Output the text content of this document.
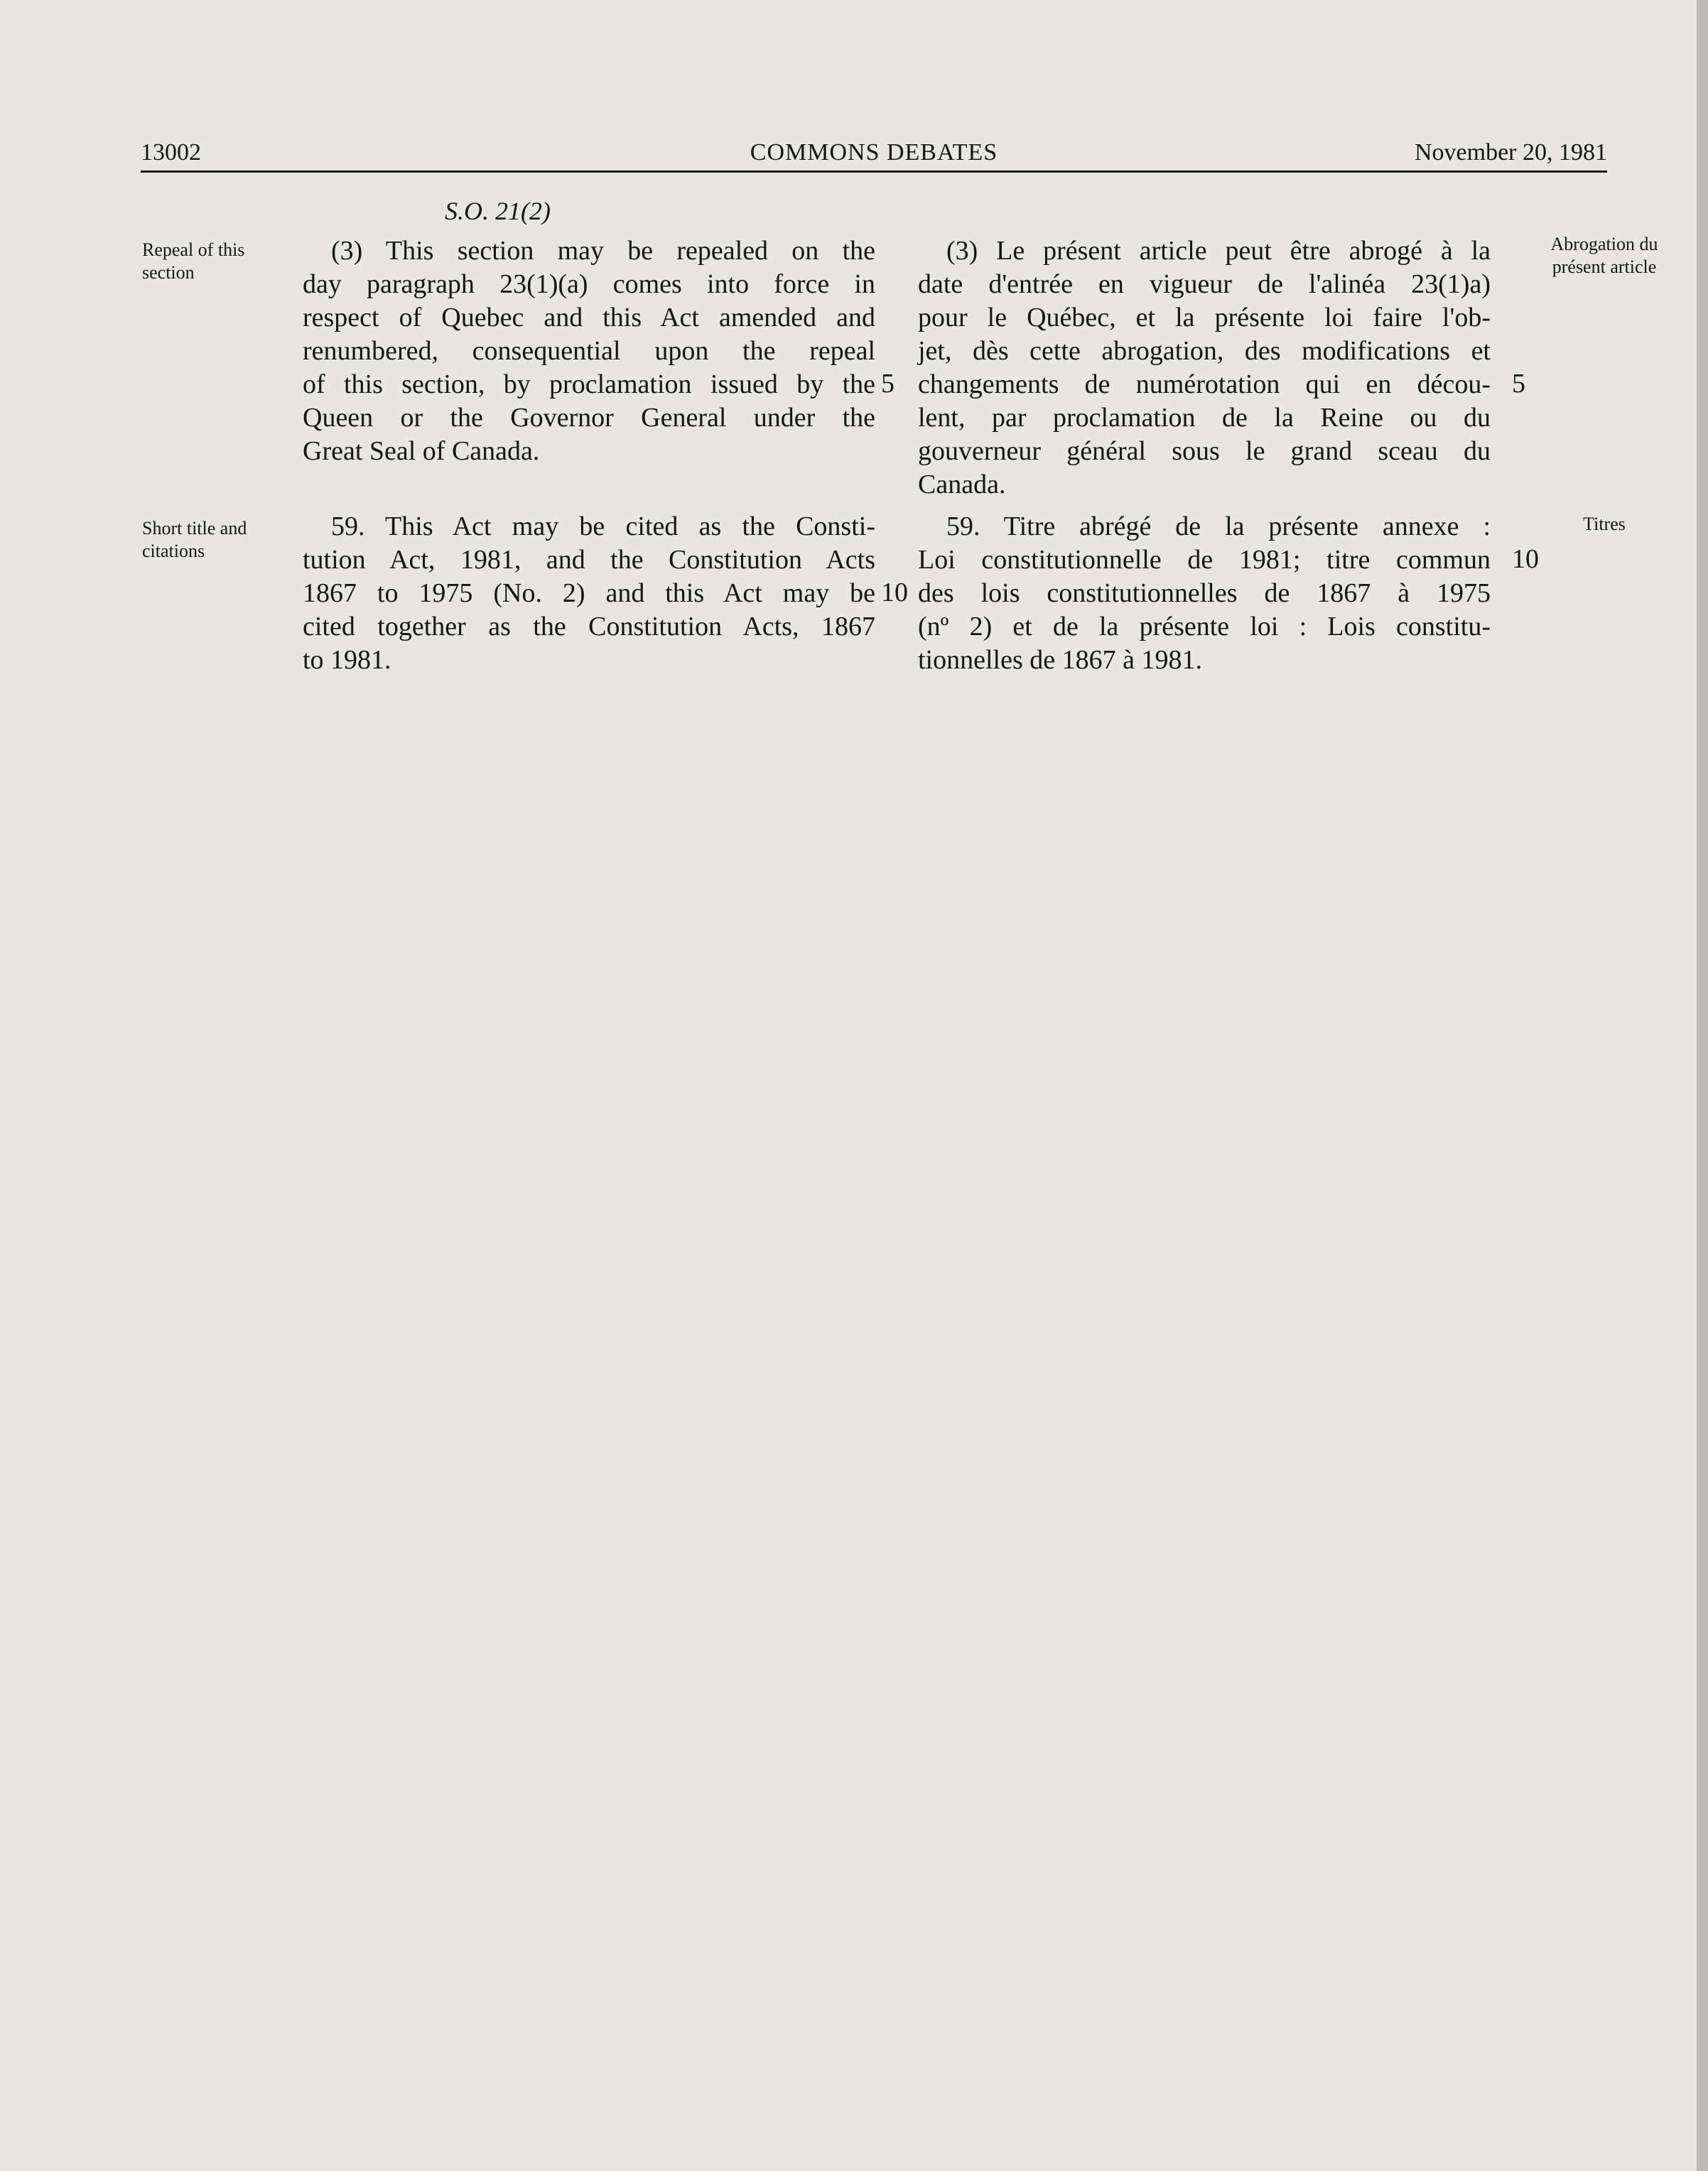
13002	COMMONS DEBATES	November 20, 1981
S.O. 21(2)
Repeal of this
section
(3) This section may be repealed on the
day paragraph 23(1)(a) comes into force in
respect of Quebec and this Act amended and
renumbered, consequential upon the repeal
of this section, by proclamation issued by the
Queen or the Governor General under the
Great Seal of Canada.
5
(3) Le présent article peut être abrogé à la
date d'entrée en vigueur de l'alinéa 23(1)a)
pour le Québec, et la présente loi faire l'ob-
jet, dès cette abrogation, des modifications et
changements de numérotation qui en décou-
lent, par proclamation de la Reine ou du
gouverneur général sous le grand sceau du
Canada.
5
Abrogation du
présent article
Short title and
citations
59. This Act may be cited as the Consti-
tution Act, 1981, and the Constitution Acts
1867 to 1975 (No. 2) and this Act may be
cited together as the Constitution Acts, 1867
to 1981.
10
59. Titre abrégé de la présente annexe :
Loi constitutionnelle de 1981; titre commun
des lois constitutionnelles de 1867 à 1975
(nº 2) et de la présente loi : Lois constitu-
tionnelles de 1867 à 1981.
10
Titres
